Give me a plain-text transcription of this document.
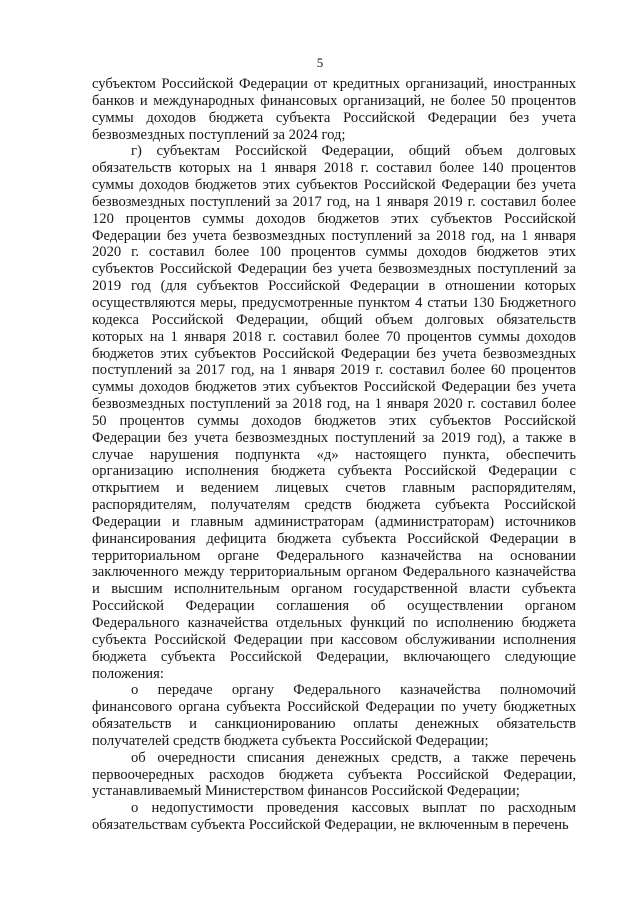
5

субъектом Российской Федерации от кредитных организаций, иностранных банков и международных финансовых организаций, не более 50 процентов суммы доходов бюджета субъекта Российской Федерации без учета безвозмездных поступлений за 2024 год;

г) субъектам Российской Федерации, общий объем долговых обязательств которых на 1 января 2018 г. составил более 140 процентов суммы доходов бюджетов этих субъектов Российской Федерации без учета безвозмездных поступлений за 2017 год, на 1 января 2019 г. составил более 120 процентов суммы доходов бюджетов этих субъектов Российской Федерации без учета безвозмездных поступлений за 2018 год, на 1 января 2020 г. составил более 100 процентов суммы доходов бюджетов этих субъектов Российской Федерации без учета безвозмездных поступлений за 2019 год (для субъектов Российской Федерации в отношении которых осуществляются меры, предусмотренные пунктом 4 статьи 130 Бюджетного кодекса Российской Федерации, общий объем долговых обязательств которых на 1 января 2018 г. составил более 70 процентов суммы доходов бюджетов этих субъектов Российской Федерации без учета безвозмездных поступлений за 2017 год, на 1 января 2019 г. составил более 60 процентов суммы доходов бюджетов этих субъектов Российской Федерации без учета безвозмездных поступлений за 2018 год, на 1 января 2020 г. составил более 50 процентов суммы доходов бюджетов этих субъектов Российской Федерации без учета безвозмездных поступлений за 2019 год), а также в случае нарушения подпункта «д» настоящего пункта, обеспечить организацию исполнения бюджета субъекта Российской Федерации с открытием и ведением лицевых счетов главным распорядителям, распорядителям, получателям средств бюджета субъекта Российской Федерации и главным администраторам (администраторам) источников финансирования дефицита бюджета субъекта Российской Федерации в территориальном органе Федерального казначейства на основании заключенного между территориальным органом Федерального казначейства и высшим исполнительным органом государственной власти субъекта Российской Федерации соглашения об осуществлении органом Федерального казначейства отдельных функций по исполнению бюджета субъекта Российской Федерации при кассовом обслуживании исполнения бюджета субъекта Российской Федерации, включающего следующие положения:

о передаче органу Федерального казначейства полномочий финансового органа субъекта Российской Федерации по учету бюджетных обязательств и санкционированию оплаты денежных обязательств получателей средств бюджета субъекта Российской Федерации;

об очередности списания денежных средств, а также перечень первоочередных расходов бюджета субъекта Российской Федерации, устанавливаемый Министерством финансов Российской Федерации;

о недопустимости проведения кассовых выплат по расходным обязательствам субъекта Российской Федерации, не включенным в перечень
